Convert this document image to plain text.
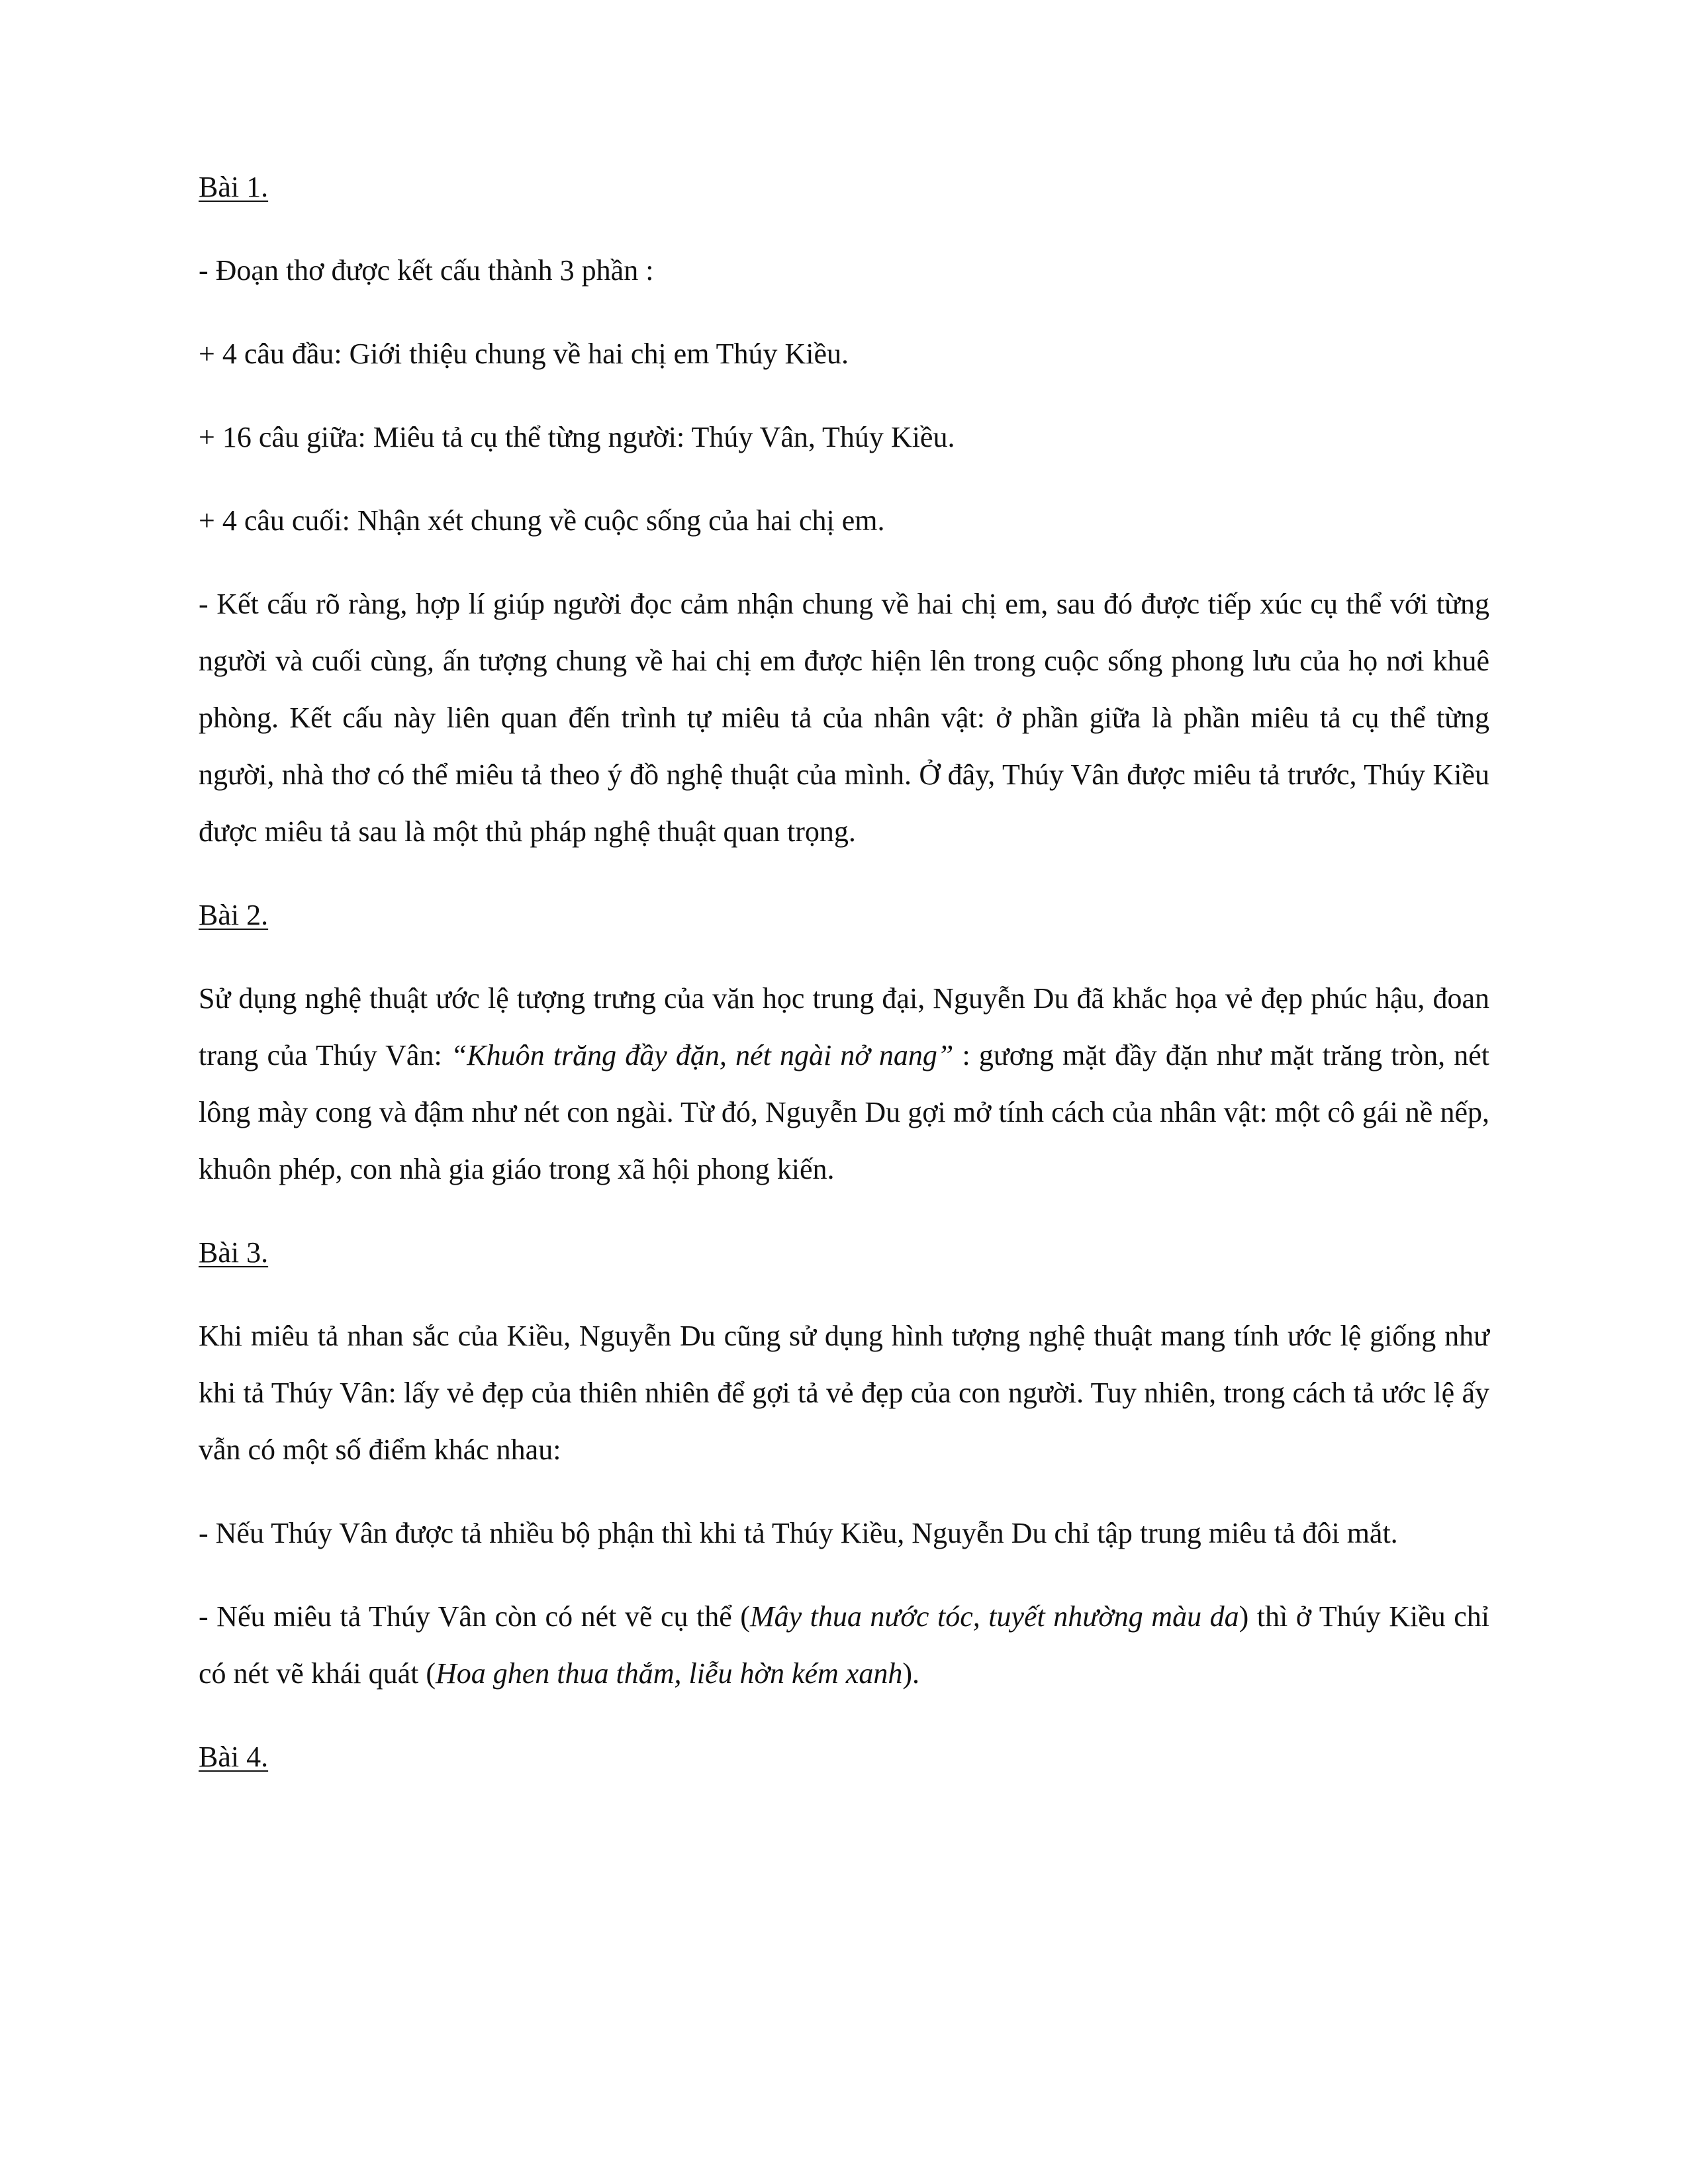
Bài 1.

- Đoạn thơ được kết cấu thành 3 phần :

+ 4 câu đầu: Giới thiệu chung về hai chị em Thúy Kiều.

+ 16 câu giữa: Miêu tả cụ thể từng người: Thúy Vân, Thúy Kiều.

+ 4 câu cuối: Nhận xét chung về cuộc sống của hai chị em.

- Kết cấu rõ ràng, hợp lí giúp người đọc cảm nhận chung về hai chị em, sau đó được tiếp xúc cụ thể với từng người và cuối cùng, ấn tượng chung về hai chị em được hiện lên trong cuộc sống phong lưu của họ nơi khuê phòng. Kết cấu này liên quan đến trình tự miêu tả của nhân vật: ở phần giữa là phần miêu tả cụ thể từng người, nhà thơ có thể miêu tả theo ý đồ nghệ thuật của mình. Ở đây, Thúy Vân được miêu tả trước, Thúy Kiều được miêu tả sau là một thủ pháp nghệ thuật quan trọng.

Bài 2.

Sử dụng nghệ thuật ước lệ tượng trưng của văn học trung đại, Nguyễn Du đã khắc họa vẻ đẹp phúc hậu, đoan trang của Thúy Vân: “Khuôn trăng đầy đặn, nét ngài nở nang” : gương mặt đầy đặn như mặt trăng tròn, nét lông mày cong và đậm như nét con ngài. Từ đó, Nguyễn Du gợi mở tính cách của nhân vật: một cô gái nề nếp, khuôn phép, con nhà gia giáo trong xã hội phong kiến.

Bài 3.

Khi miêu tả nhan sắc của Kiều, Nguyễn Du cũng sử dụng hình tượng nghệ thuật mang tính ước lệ giống như khi tả Thúy Vân: lấy vẻ đẹp của thiên nhiên để gợi tả vẻ đẹp của con người. Tuy nhiên, trong cách tả ước lệ ấy vẫn có một số điểm khác nhau:

- Nếu Thúy Vân được tả nhiều bộ phận thì khi tả Thúy Kiều, Nguyễn Du chỉ tập trung miêu tả đôi mắt.

- Nếu miêu tả Thúy Vân còn có nét vẽ cụ thể (Mây thua nước tóc, tuyết nhường màu da) thì ở Thúy Kiều chỉ có nét vẽ khái quát (Hoa ghen thua thắm, liễu hờn kém xanh).

Bài 4.
